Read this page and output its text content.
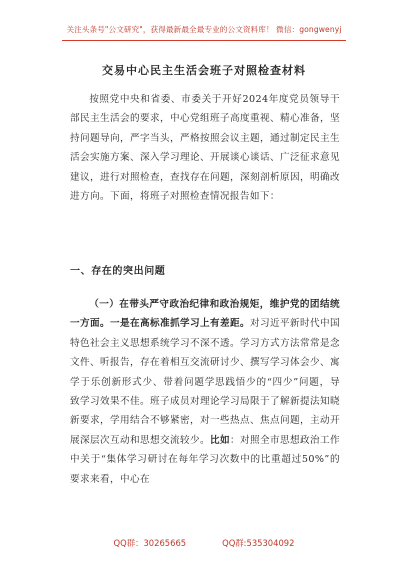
关注头条号"公文研究"，获得最新最全最专业的公文资料库！ 微信：gongwenyj
交易中心民主生活会班子对照检查材料

按照党中央和省委、市委关于开好2024年度党员领导干部民主生活会的要求，中心党组班子高度重视、精心准备，坚持问题导向，严字当头，严格按照会议主题，通过制定民主生活会实施方案、深入学习理论、开展谈心谈话、广泛征求意见建议，进行对照检查，查找存在问题，深刻剖析原因，明确改进方向。下面，将班子对照检查情况报告如下：

一、存在的突出问题

（一）在带头严守政治纪律和政治规矩，维护党的团结统一方面。一是在高标准抓学习上有差距。对习近平新时代中国特色社会主义思想系统学习不深不透。学习方式方法常常是念文件、听报告，存在着相互交流研讨少、撰写学习体会少、寓学于乐创新形式少、带着问题学思践悟少的“四少”问题，导致学习效果不佳。班子成员对理论学习局限于了解新提法知晓新要求，学用结合不够紧密，对一些热点、焦点问题，主动开展深层次互动和思想交流较少。比如：对照全市思想政治工作中关于“集体学习研讨在每年学习次数中的比重超过50%”的要求来看，中心在

QQ群：30265665	QQ群:535304092
